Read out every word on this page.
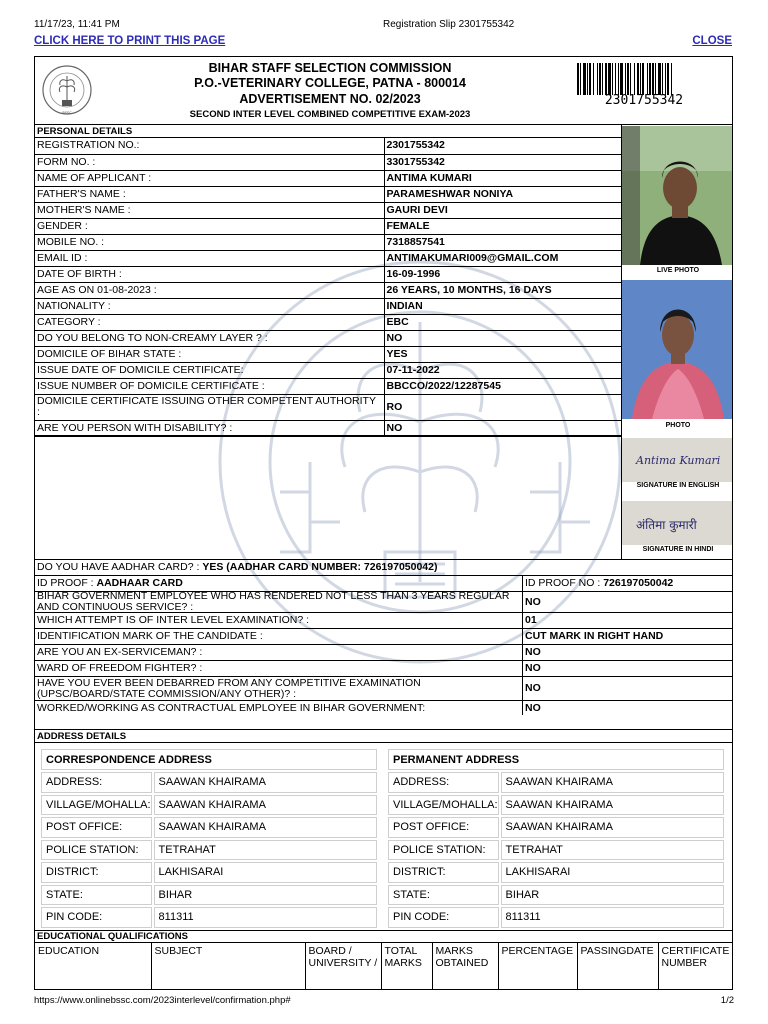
11/17/23, 11:41 PM	Registration Slip 2301755342
CLICK HERE TO PRINT THIS PAGE	CLOSE
BSSC
BIHAR STAFF SELECTION COMMISSION
P.O.-VETERINARY COLLEGE, PATNA - 800014
ADVERTISEMENT NO. 02/2023
SECOND INTER LEVEL COMBINED COMPETITIVE EXAM-2023
2301755342
PERSONAL DETAILS
REGISTRATION NO.:	2301755342
FORM NO. :	3301755342
NAME OF APPLICANT :	ANTIMA KUMARI
FATHER'S NAME :	PARAMESHWAR NONIYA
MOTHER'S NAME :	GAURI DEVI
GENDER :	FEMALE
MOBILE NO. :	7318857541
EMAIL ID :	ANTIMAKUMARI009@GMAIL.COM
DATE OF BIRTH :	16-09-1996
AGE AS ON 01-08-2023 :	26 YEARS, 10 MONTHS, 16 DAYS
NATIONALITY :	INDIAN
CATEGORY :	EBC
DO YOU BELONG TO NON-CREAMY LAYER ? :	NO
DOMICILE OF BIHAR STATE :	YES
ISSUE DATE OF DOMICILE CERTIFICATE:	07-11-2022
ISSUE NUMBER OF DOMICILE CERTIFICATE :	BBCCO/2022/12287545
DOMICILE CERTIFICATE ISSUING OTHER COMPETENT AUTHORITY :	RO
ARE YOU PERSON WITH DISABILITY? :	NO
LIVE PHOTO
PHOTO
Antima Kumari
SIGNATURE IN ENGLISH
अंतिमा कुमारी
SIGNATURE IN HINDI
DO YOU HAVE AADHAR CARD? :
YES (AADHAR CARD NUMBER: 726197050042)
ID PROOF :
AADHAAR CARD	ID PROOF NO :
726197050042
BIHAR GOVERNMENT EMPLOYEE WHO HAS RENDERED NOT LESS THAN 3 YEARS REGULAR AND CONTINUOUS SERVICE? :	NO
WHICH ATTEMPT IS OF INTER LEVEL EXAMINATION? :	01
IDENTIFICATION MARK OF THE CANDIDATE :	CUT MARK IN RIGHT HAND
ARE YOU AN EX-SERVICEMAN? :	NO
WARD OF FREEDOM FIGHTER? :	NO
HAVE YOU EVER BEEN DEBARRED FROM ANY COMPETITIVE EXAMINATION (UPSC/BOARD/STATE COMMISSION/ANY OTHER)? :	NO
WORKED/WORKING AS CONTRACTUAL EMPLOYEE IN BIHAR GOVERNMENT:	NO
ADDRESS DETAILS
CORRESPONDENCE ADDRESS	
ADDRESS:	SAAWAN KHAIRAMA
VILLAGE/MOHALLA:	SAAWAN KHAIRAMA
POST OFFICE:	SAAWAN KHAIRAMA
POLICE STATION:	TETRAHAT
DISTRICT:	LAKHISARAI
STATE:	BIHAR
PIN CODE:	811311
PERMANENT ADDRESS	
ADDRESS:	SAAWAN KHAIRAMA
VILLAGE/MOHALLA:	SAAWAN KHAIRAMA
POST OFFICE:	SAAWAN KHAIRAMA
POLICE STATION:	TETRAHAT
DISTRICT:	LAKHISARAI
STATE:	BIHAR
PIN CODE:	811311
EDUCATIONAL QUALIFICATIONS
EDUCATION	SUBJECT	BOARD / UNIVERSITY /	TOTAL MARKS	MARKS OBTAINED	PERCENTAGE	PASSINGDATE	CERTIFICATE NUMBER
https://www.onlinebssc.com/2023interlevel/confirmation.php#	1/2
